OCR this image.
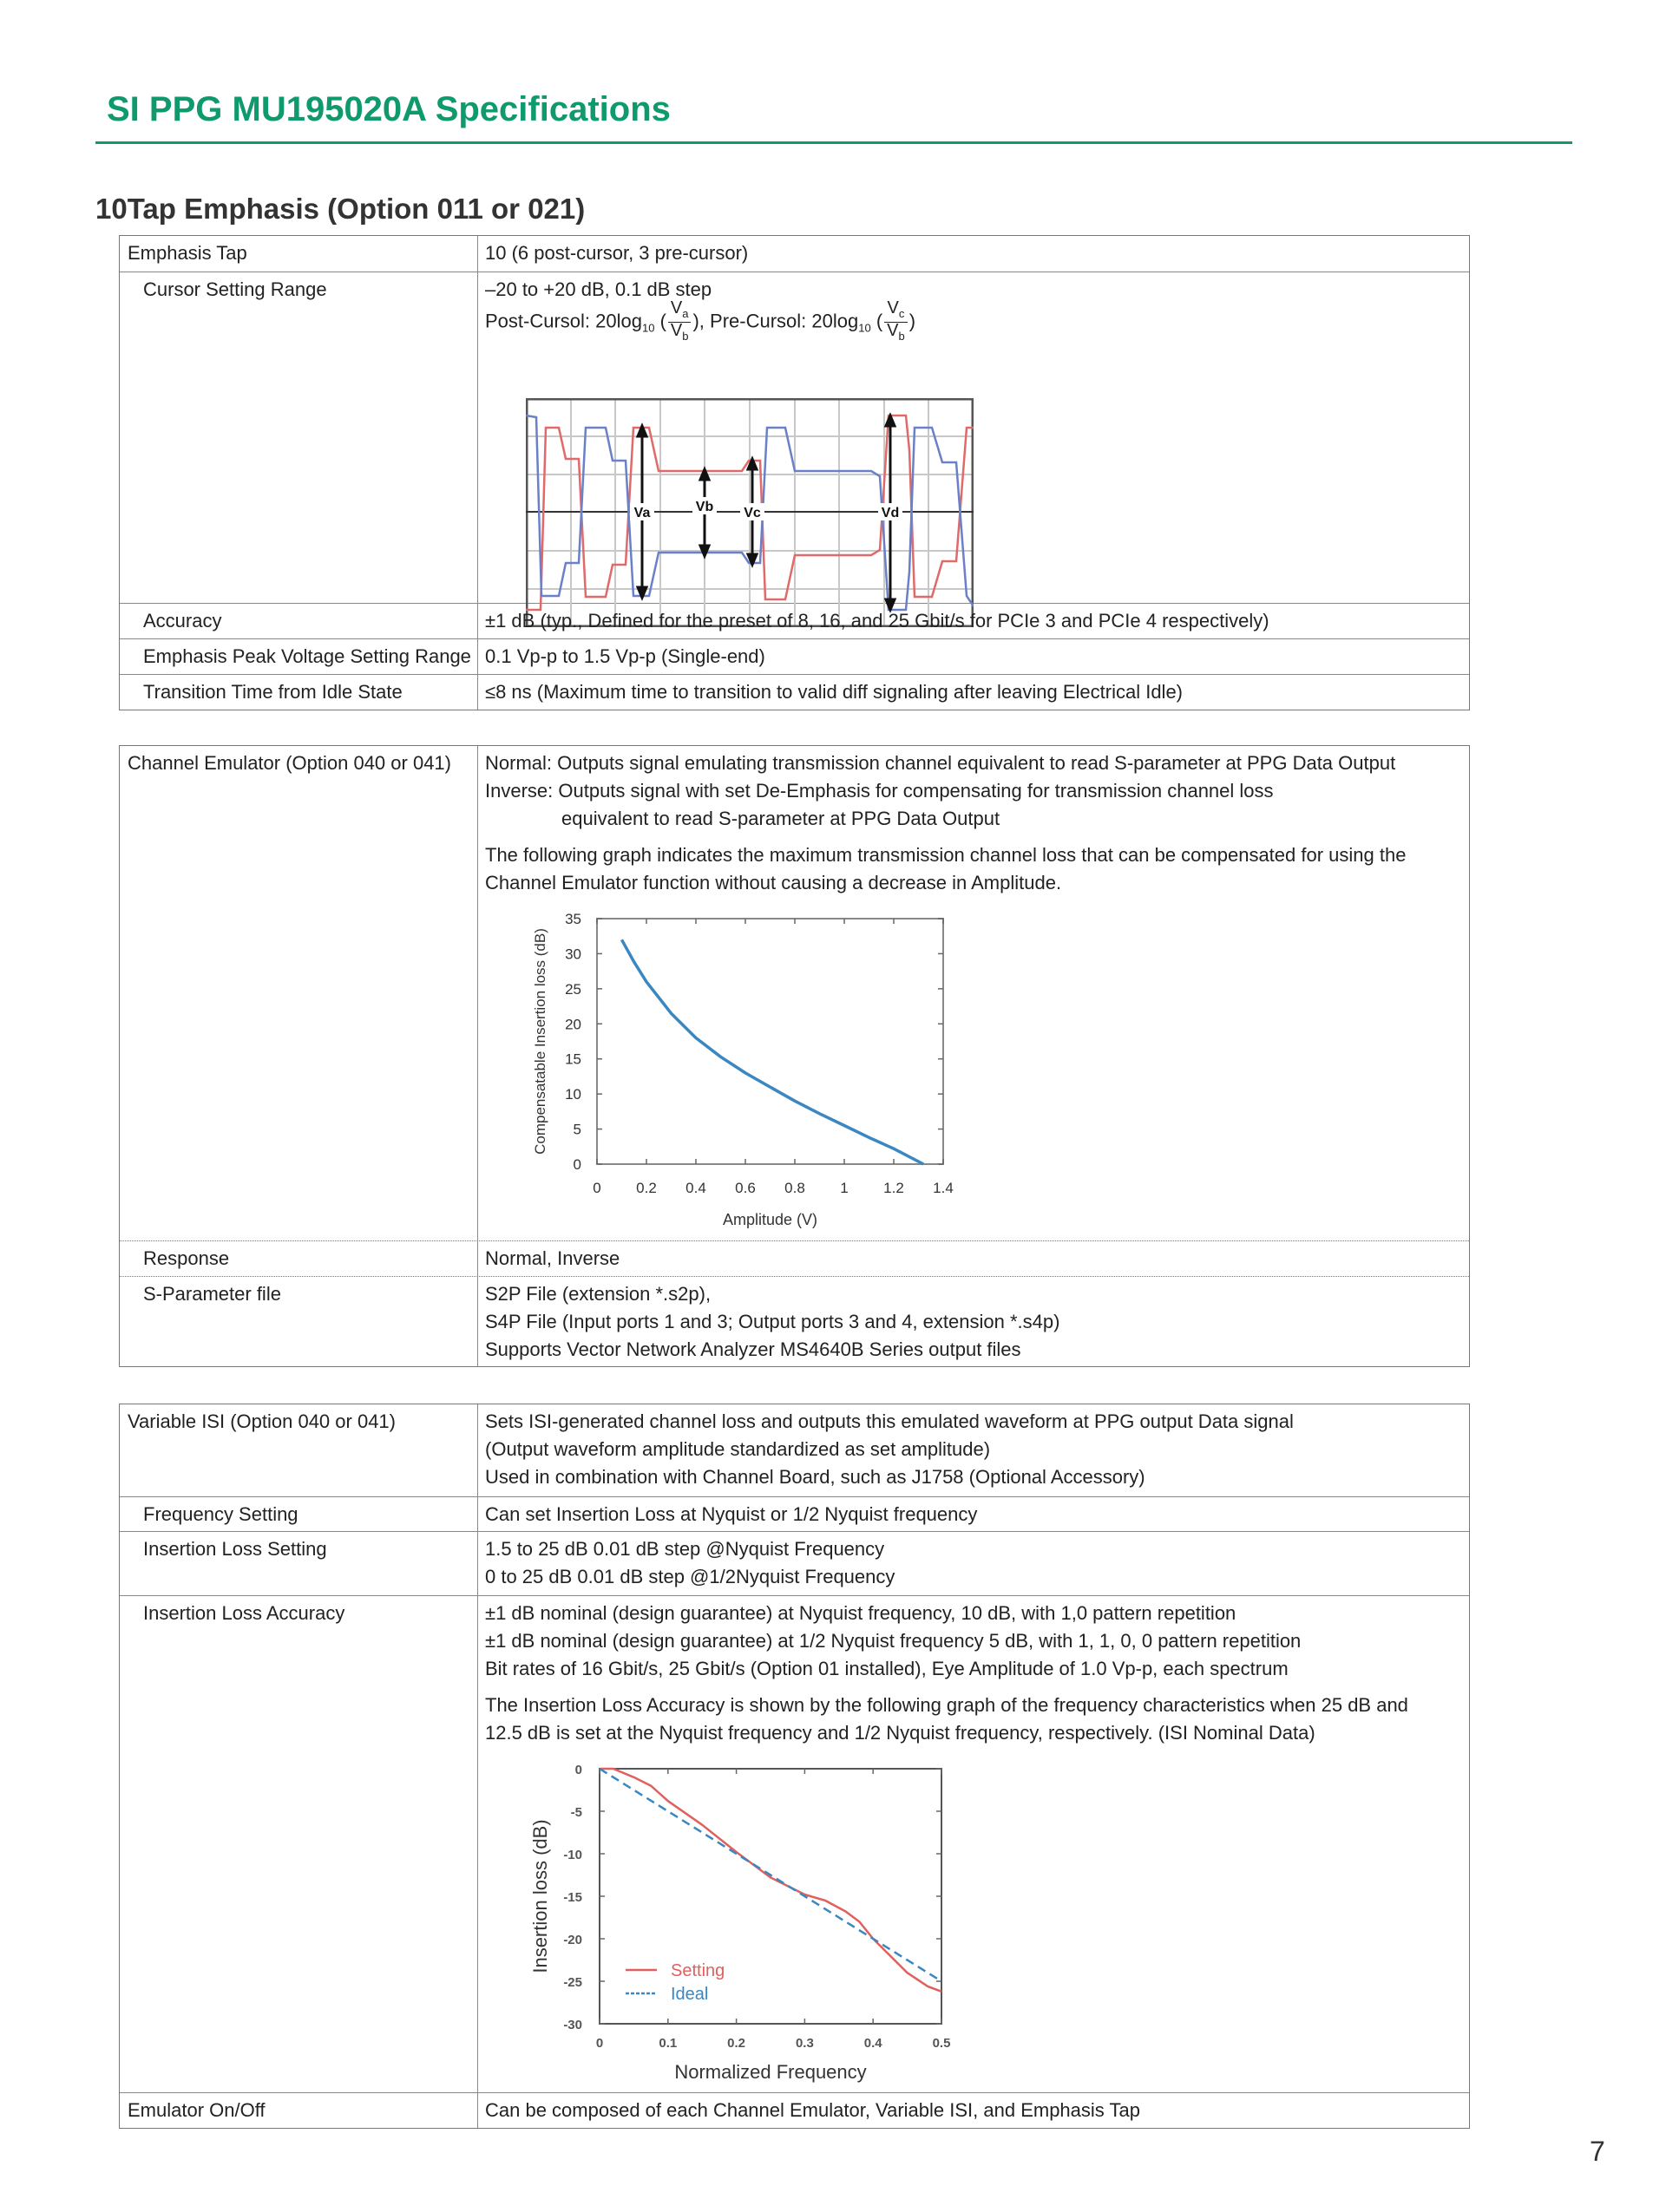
SI PPG MU195020A Specifications
10Tap Emphasis (Option 011 or 021)
Emphasis Tap	10 (6 post-cursor, 3 pre-cursor)
Cursor Setting Range	–20 to +20 dB, 0.1 dB step
Post-Cursol: $20\log_{10}$ ( $\frac{V_a}{V_b}$ ), Pre-Cursol: $20\log_{10}$ ( $\frac{V_c}{V_b}$ )
Va	Vb Vc	Vd
Accuracy	±1 dB (typ., Defined for the preset of 8, 16, and 25 Gbit/s for PCIe 3 and PCIe 4 respectively)
Emphasis Peak Voltage Setting Range 0.1 Vp-p to 1.5 Vp-p (Single-end)
Transition Time from Idle State	≤8 ns (Maximum time to transition to valid diff signaling after leaving Electrical Idle)
Channel Emulator (Option 040 or 041)	Normal: Outputs signal emulating transmission channel equivalent to read S-parameter at PPG Data Output
Inverse: Outputs signal with set De-Emphasis for compensating for transmission channel loss
equivalent to read S-parameter at PPG Data Output
The following graph indicates the maximum transmission channel loss that can be compensated for using the
Channel Emulator function without causing a decrease in Amplitude.
Response	Normal, Inverse
S-Parameter file	S2P File (extension *.s2p),
S4P File (Input ports 1 and 3; Output ports 3 and 4, extension *.s4p)
Supports Vector Network Analyzer MS4640B Series output files
Variable ISI (Option 040 or 041)	Sets ISI-generated channel loss and outputs this emulated waveform at PPG output Data signal
(Output waveform amplitude standardized as set amplitude)
Used in combination with Channel Board, such as J1758 (Optional Accessory)
Frequency Setting	Can set Insertion Loss at Nyquist or 1/2 Nyquist frequency
Insertion Loss Setting	1.5 to 25 dB 0.01 dB step @Nyquist Frequency
0 to 25 dB 0.01 dB step @1/2Nyquist Frequency
Insertion Loss Accuracy	±1 dB nominal (design guarantee) at Nyquist frequency, 10 dB, with 1,0 pattern repetition
±1 dB nominal (design guarantee) at 1/2 Nyquist frequency 5 dB, with 1, 1, 0, 0 pattern repetition
Bit rates of 16 Gbit/s, 25 Gbit/s (Option 01 installed), Eye Amplitude of 1.0 Vp-p, each spectrum
The Insertion Loss Accuracy is shown by the following graph of the frequency characteristics when 25 dB and
12.5 dB is set at the Nyquist frequency and 1/2 Nyquist frequency, respectively. (ISI Nominal Data)
Emulator On/Off	Can be composed of each Channel Emulator, Variable ISI, and Emphasis Tap
0 0.2 0.4 0.6 0.8 1 1.2 1.4
0
5
10
15
20
25
30
35
Amplitude (V)
Compensatable Insertion loss (dB)
0	0.1	0.2	0.3	0.4	0.5
0
-5
-10
-15
-20
-25
-30
Normalized Frequency
Insertion loss (dB)	Setting
Ideal
7
